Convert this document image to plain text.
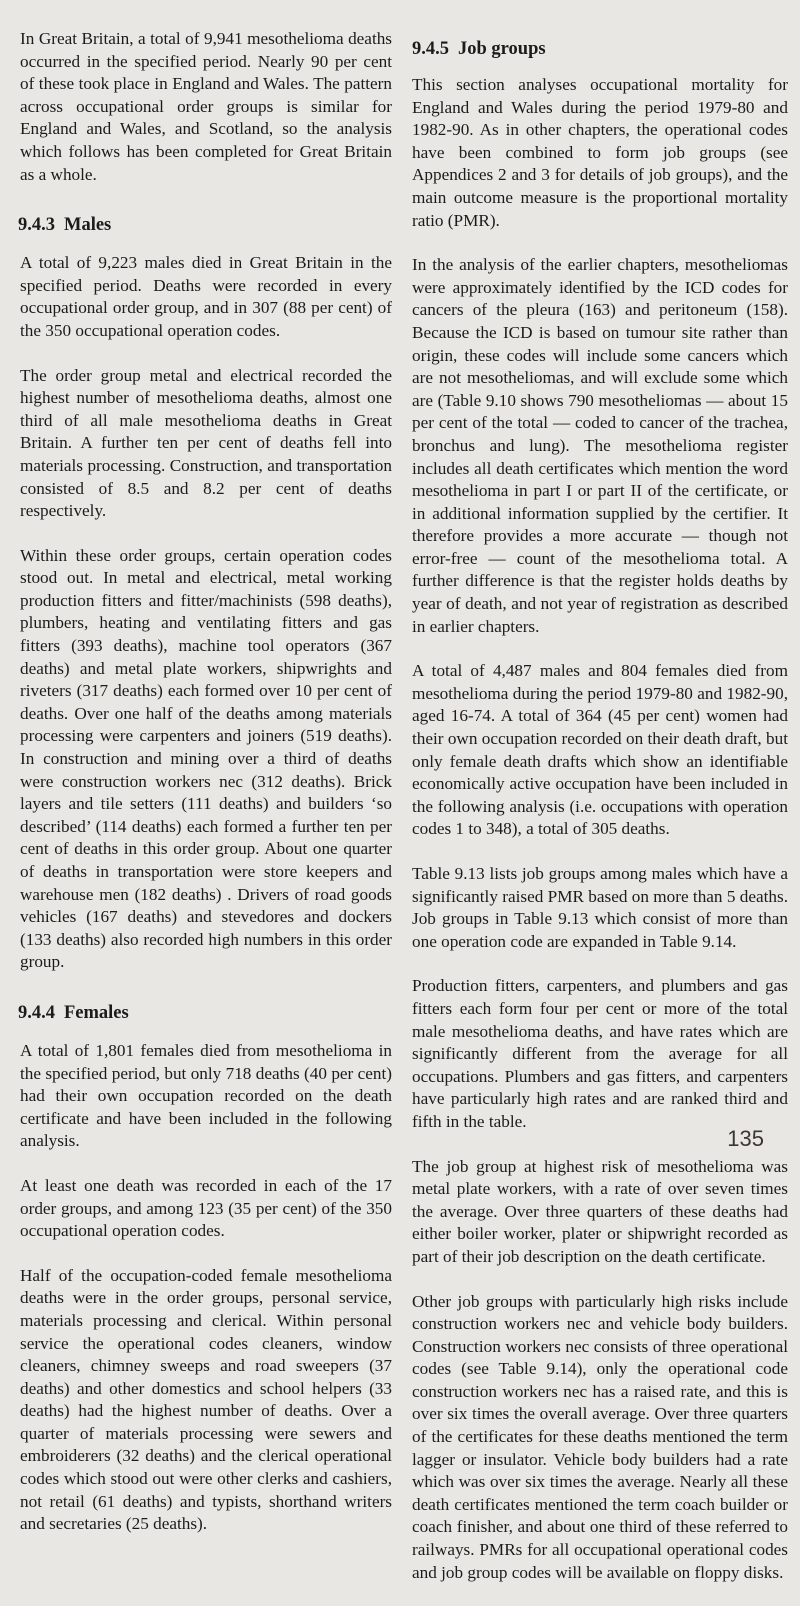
In Great Britain, a total of 9,941 mesothelioma deaths occurred in the specified period. Nearly 90 per cent of these took place in England and Wales. The pattern across occupational order groups is similar for England and Wales, and Scotland, so the analysis which follows has been completed for Great Britain as a whole.

9.4.3 Males

A total of 9,223 males died in Great Britain in the specified period. Deaths were recorded in every occupational order group, and in 307 (88 per cent) of the 350 occupational operation codes.

The order group metal and electrical recorded the highest number of mesothelioma deaths, almost one third of all male mesothelioma deaths in Great Britain. A further ten per cent of deaths fell into materials processing. Construction, and transportation consisted of 8.5 and 8.2 per cent of deaths respectively.

Within these order groups, certain operation codes stood out. In metal and electrical, metal working production fitters and fitter/machinists (598 deaths), plumbers, heating and ventilating fitters and gas fitters (393 deaths), machine tool operators (367 deaths) and metal plate workers, shipwrights and riveters (317 deaths) each formed over 10 per cent of deaths. Over one half of the deaths among materials processing were carpenters and joiners (519 deaths). In construction and mining over a third of deaths were construction workers nec (312 deaths). Brick layers and tile setters (111 deaths) and builders ‘so described’ (114 deaths) each formed a further ten per cent of deaths in this order group. About one quarter of deaths in transportation were store keepers and warehouse men (182 deaths) . Drivers of road goods vehicles (167 deaths) and stevedores and dockers (133 deaths) also recorded high numbers in this order group.

9.4.4 Females

A total of 1,801 females died from mesothelioma in the specified period, but only 718 deaths (40 per cent) had their own occupation recorded on the death certificate and have been included in the following analysis.

At least one death was recorded in each of the 17 order groups, and among 123 (35 per cent) of the 350 occupational operation codes.

Half of the occupation-coded female mesothelioma deaths were in the order groups, personal service, materials processing and clerical. Within personal service the operational codes cleaners, window cleaners, chimney sweeps and road sweepers (37 deaths) and other domestics and school helpers (33 deaths) had the highest number of deaths. Over a quarter of materials processing were sewers and embroiderers (32 deaths) and the clerical operational codes which stood out were other clerks and cashiers, not retail (61 deaths) and typists, shorthand writers and secretaries (25 deaths).

9.4.5 Job groups

This section analyses occupational mortality for England and Wales during the period 1979-80 and 1982-90. As in other chapters, the operational codes have been combined to form job groups (see Appendices 2 and 3 for details of job groups), and the main outcome measure is the proportional mortality ratio (PMR).

In the analysis of the earlier chapters, mesotheliomas were approximately identified by the ICD codes for cancers of the pleura (163) and peritoneum (158). Because the ICD is based on tumour site rather than origin, these codes will include some cancers which are not mesotheliomas, and will exclude some which are (Table 9.10 shows 790 mesotheliomas — about 15 per cent of the total — coded to cancer of the trachea, bronchus and lung). The mesothelioma register includes all death certificates which mention the word mesothelioma in part I or part II of the certificate, or in additional information supplied by the certifier. It therefore provides a more accurate — though not error-free — count of the mesothelioma total. A further difference is that the register holds deaths by year of death, and not year of registration as described in earlier chapters.

A total of 4,487 males and 804 females died from mesothelioma during the period 1979-80 and 1982-90, aged 16-74. A total of 364 (45 per cent) women had their own occupation recorded on their death draft, but only female death drafts which show an identifiable economically active occupation have been included in the following analysis (i.e. occupations with operation codes 1 to 348), a total of 305 deaths.

Table 9.13 lists job groups among males which have a significantly raised PMR based on more than 5 deaths. Job groups in Table 9.13 which consist of more than one operation code are expanded in Table 9.14.

Production fitters, carpenters, and plumbers and gas fitters each form four per cent or more of the total male mesothelioma deaths, and have rates which are significantly different from the average for all occupations. Plumbers and gas fitters, and carpenters have particularly high rates and are ranked third and fifth in the table.

The job group at highest risk of mesothelioma was metal plate workers, with a rate of over seven times the average. Over three quarters of these deaths had either boiler worker, plater or shipwright recorded as part of their job description on the death certificate.

Other job groups with particularly high risks include construction workers nec and vehicle body builders. Construction workers nec consists of three operational codes (see Table 9.14), only the operational code construction workers nec has a raised rate, and this is over six times the overall average. Over three quarters of the certificates for these deaths mentioned the term lagger or insulator. Vehicle body builders had a rate which was over six times the average. Nearly all these death certificates mentioned the term coach builder or coach finisher, and about one third of these referred to railways. PMRs for all occupational operational codes and job group codes will be available on floppy disks.

135
